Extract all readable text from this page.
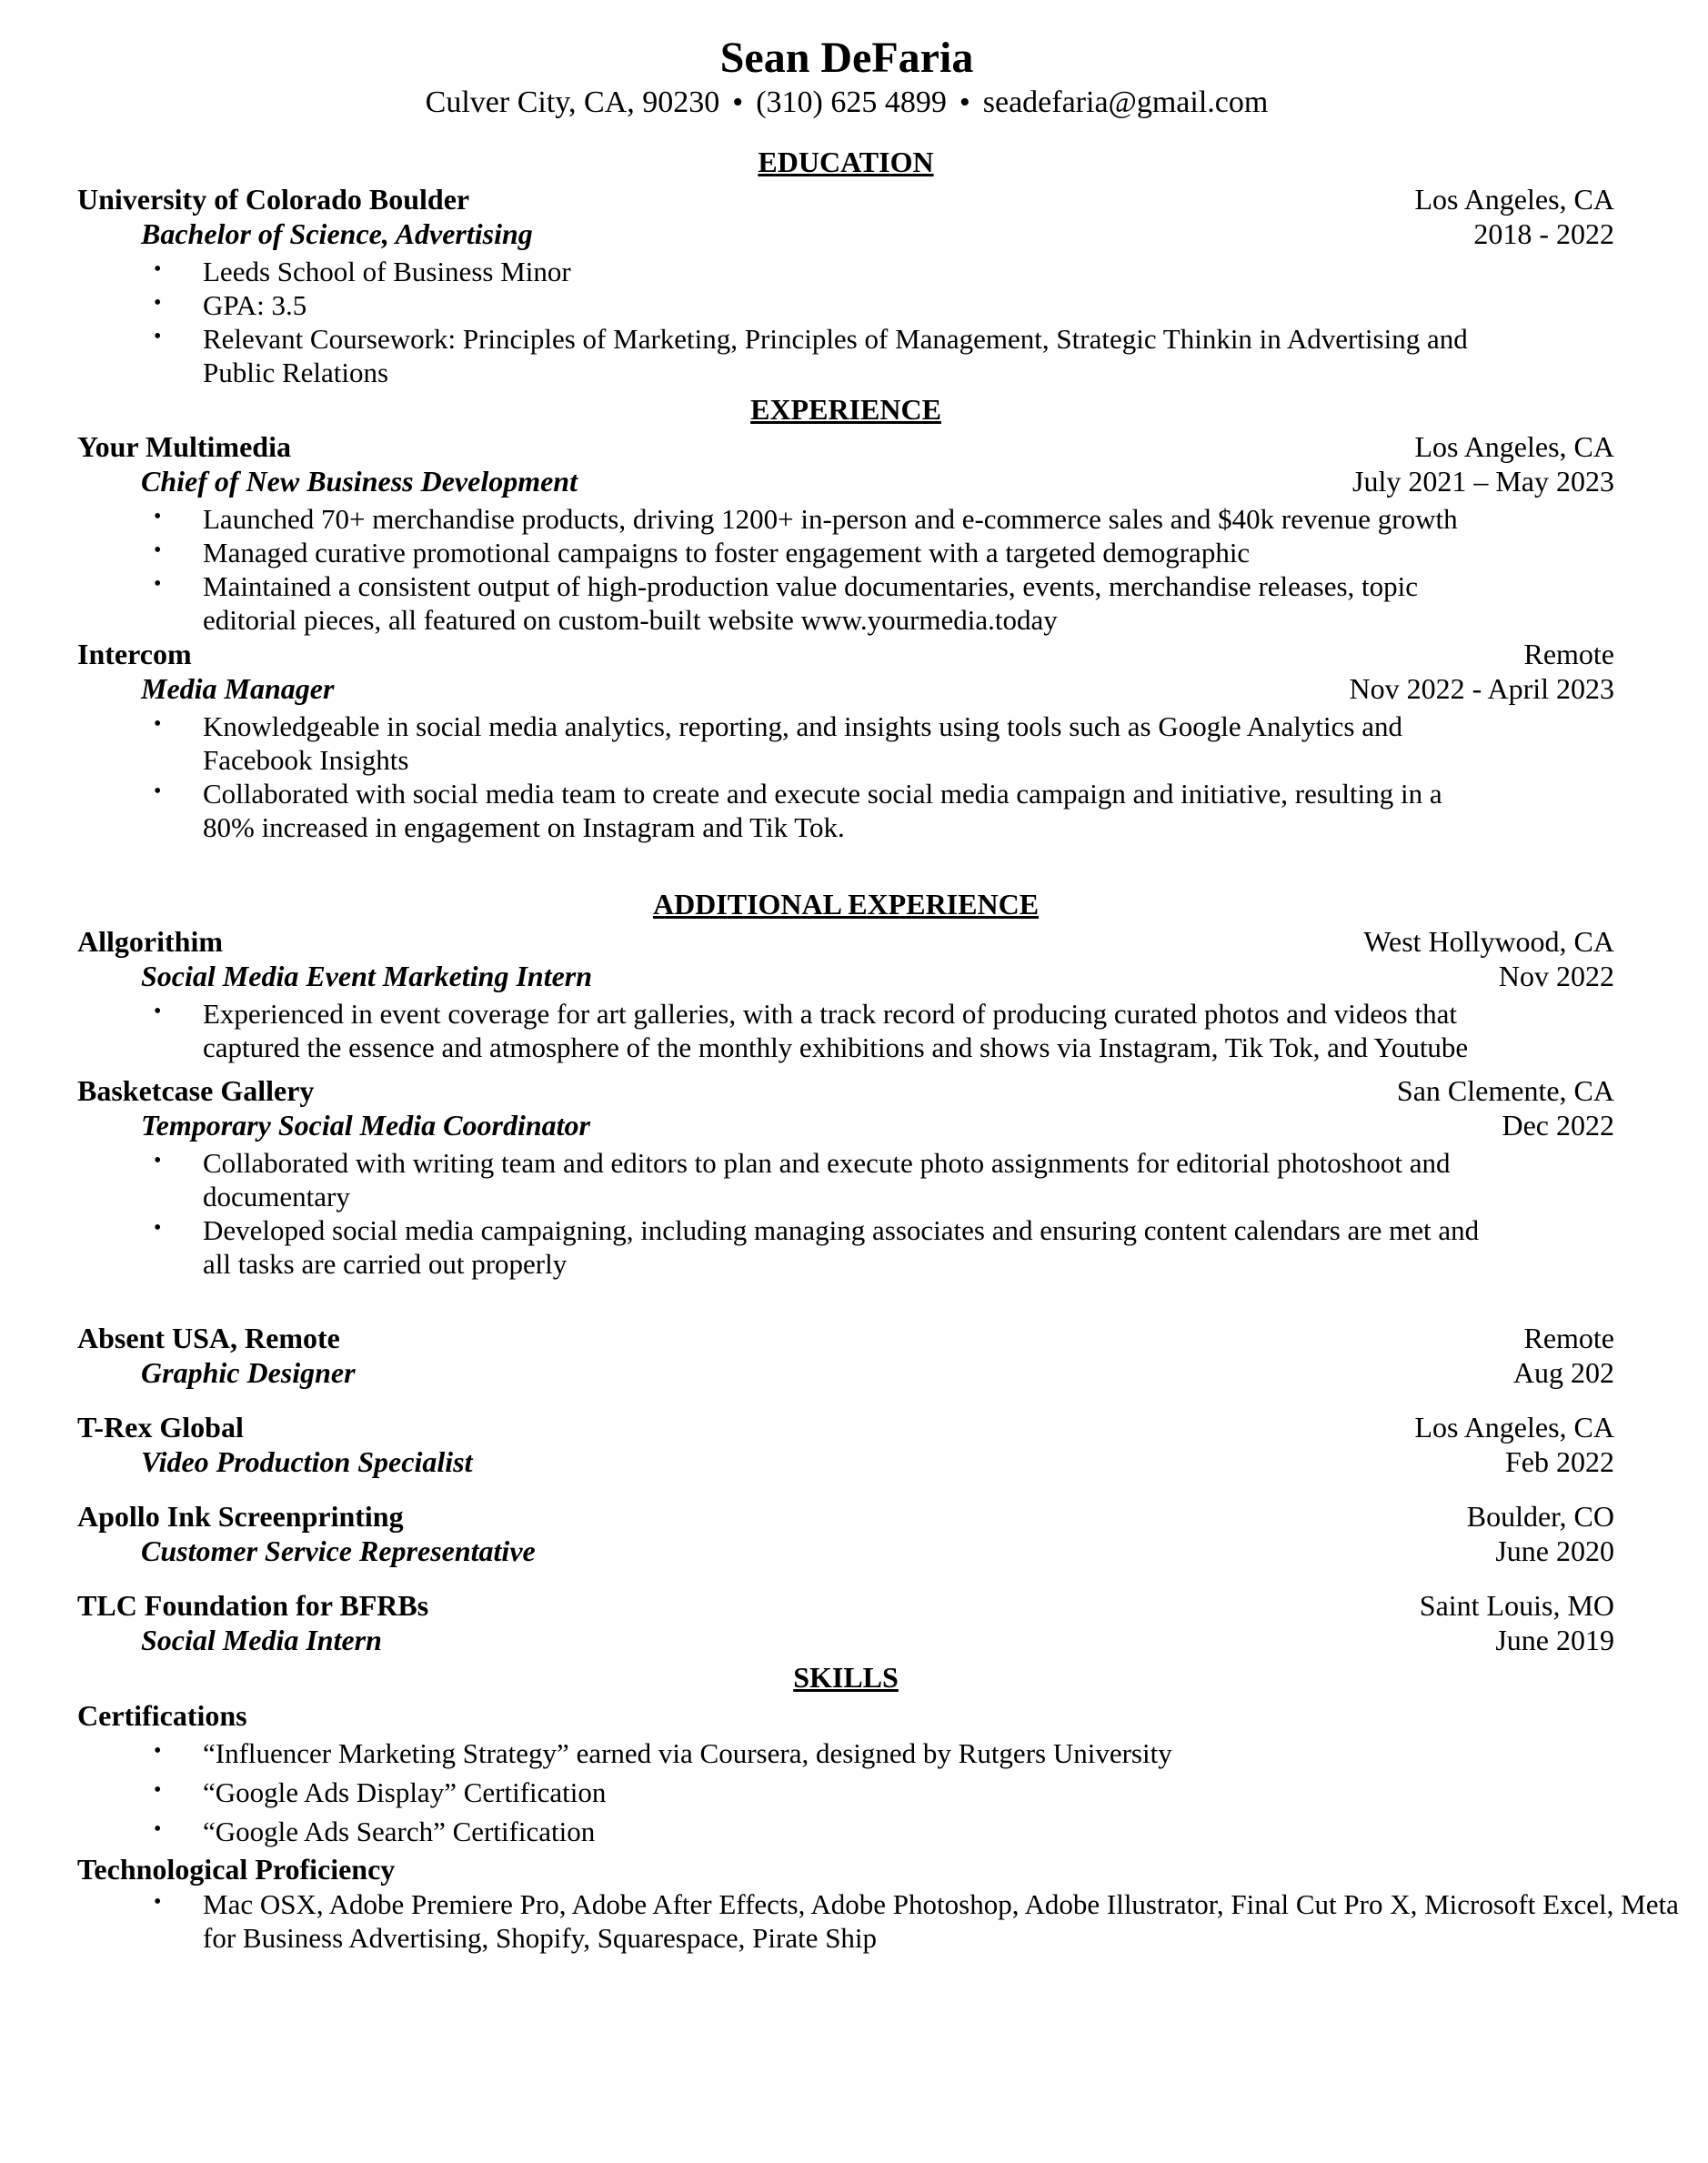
Sean DeFaria
Culver City, CA, 90230 • (310) 625 4899 • seadefaria@gmail.com
EDUCATION
University of Colorado Boulder	Los Angeles, CA
Bachelor of Science, Advertising	2018 - 2022
• Leeds School of Business Minor
• GPA: 3.5
• Relevant Coursework: Principles of Marketing, Principles of Management, Strategic Thinkin in Advertising and Public Relations
EXPERIENCE
Your Multimedia	Los Angeles, CA
Chief of New Business Development	July 2021 – May 2023
• Launched 70+ merchandise products, driving 1200+ in-person and e-commerce sales and $40k revenue growth
• Managed curative promotional campaigns to foster engagement with a targeted demographic
• Maintained a consistent output of high-production value documentaries, events, merchandise releases, topic editorial pieces, all featured on custom-built website www.yourmedia.today
Intercom	Remote
Media Manager	Nov 2022 - April 2023
• Knowledgeable in social media analytics, reporting, and insights using tools such as Google Analytics and Facebook Insights
• Collaborated with social media team to create and execute social media campaign and initiative, resulting in a 80% increased in engagement on Instagram and Tik Tok.
ADDITIONAL EXPERIENCE
Allgorithim	West Hollywood, CA
Social Media Event Marketing Intern	Nov 2022
• Experienced in event coverage for art galleries, with a track record of producing curated photos and videos that captured the essence and atmosphere of the monthly exhibitions and shows via Instagram, Tik Tok, and Youtube
Basketcase Gallery	San Clemente, CA
Temporary Social Media Coordinator	Dec 2022
• Collaborated with writing team and editors to plan and execute photo assignments for editorial photoshoot and documentary
• Developed social media campaigning, including managing associates and ensuring content calendars are met and all tasks are carried out properly
Absent USA, Remote	Remote
Graphic Designer	Aug 202
T-Rex Global	Los Angeles, CA
Video Production Specialist	Feb 2022
Apollo Ink Screenprinting	Boulder, CO
Customer Service Representative	June 2020
TLC Foundation for BFRBs	Saint Louis, MO
Social Media Intern	June 2019
SKILLS
Certifications
• “Influencer Marketing Strategy” earned via Coursera, designed by Rutgers University
• “Google Ads Display” Certification
• “Google Ads Search” Certification
Technological Proficiency
• Mac OSX, Adobe Premiere Pro, Adobe After Effects, Adobe Photoshop, Adobe Illustrator, Final Cut Pro X, Microsoft Excel, Meta for Business Advertising, Shopify, Squarespace, Pirate Ship
